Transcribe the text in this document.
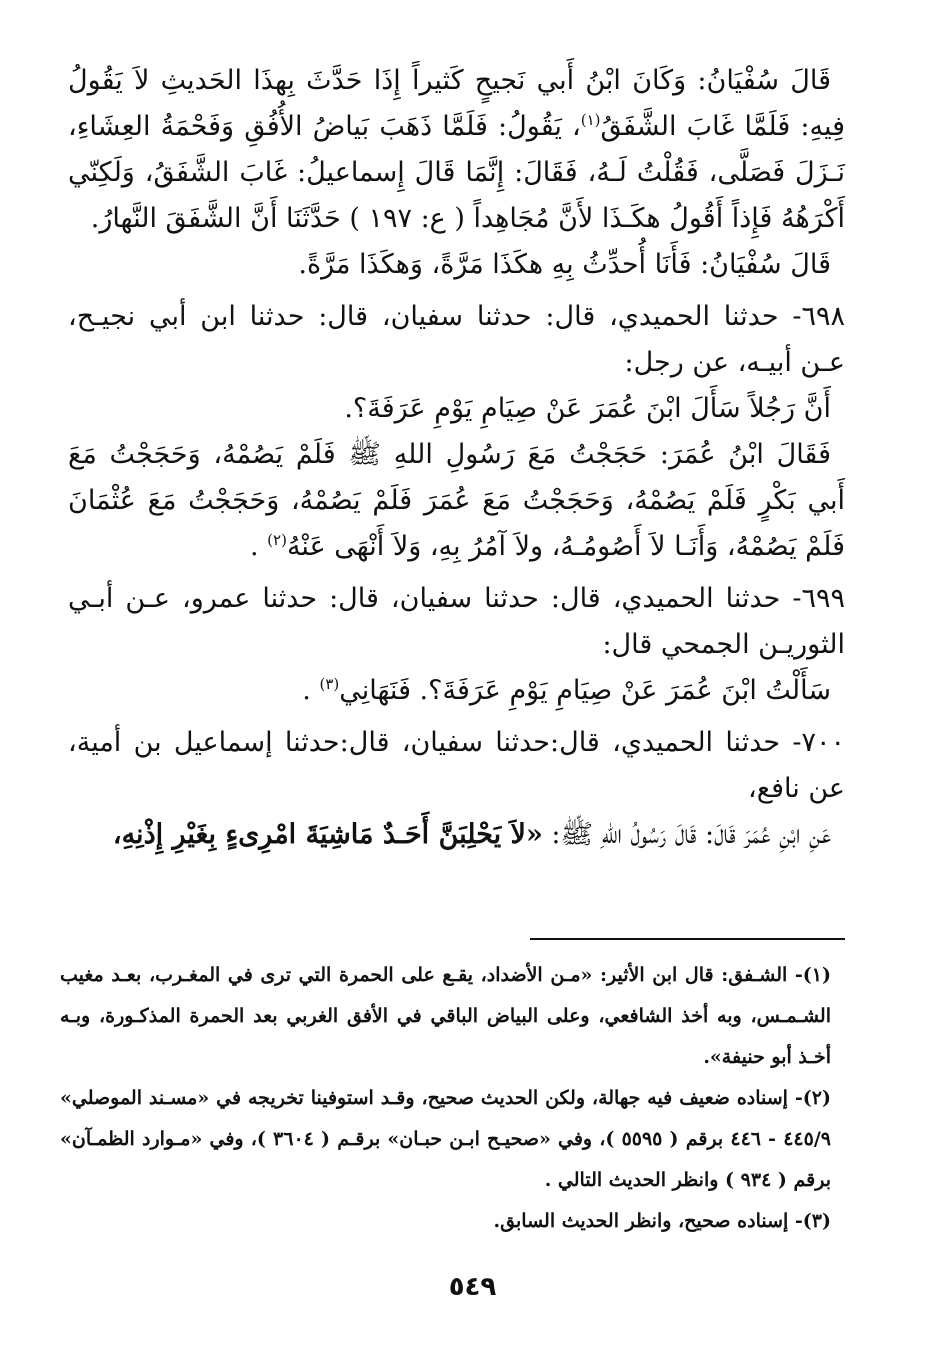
قَالَ سُفْيَانُ: وَكَانَ ابْنُ أَبي نَجيحٍ كَثيراً إِذَا حَدَّثَ بِهذَا الحَديثِ لاَ يَقُولُ فِيهِ: فَلَمَّا غَابَ الشَّفَقُ$^{(١)}$، يَقُولُ: فَلَمَّا ذَهَبَ بَياضُ الأُفُقِ وَفَحْمَةُ العِشَاءِ، نَـزَلَ فَصَلَّى، فَقُلْتُ لَـهُ، فَقَالَ: إِنَّمَا قَالَ إِسماعيلُ: غَابَ الشَّفَقُ، وَلَكِنّي أَكْرَهُهُ فَإِذاً أَقُولُ هكَـذَا لأَنَّ مُجَاهِداً ( ع: ١٩٧ ) حَدَّثَنَا أَنَّ الشَّفَقَ النَّهارُ.

قَالَ سُفْيَانُ: فَأَنَا أُحدِّثُ بِهِ هكَذَا مَرَّةً، وَهكَذَا مَرَّةً.

٦٩٨- حدثنا الحميدي، قال: حدثنا سفيان، قال: حدثنا ابن أبي نجيـح، عـن أبيـه، عن رجل:

أَنَّ رَجُلاً سَأَلَ ابْنَ عُمَرَ عَنْ صِيَامِ يَوْمِ عَرَفَةَ؟.

فَقَالَ ابْنُ عُمَرَ: حَجَجْتُ مَعَ رَسُولِ اللهِ ﷺ فَلَمْ يَصُمْهُ، وَحَجَجْتُ مَعَ أَبي بَكْرٍ فَلَمْ يَصُمْهُ، وَحَجَجْتُ مَعَ عُمَرَ فَلَمْ يَصُمْهُ، وَحَجَجْتُ مَعَ عُثْمَانَ فَلَمْ يَصُمْهُ، وَأَنَـا لاَ أَصُومُـهُ، ولاَ آمُرُ بِهِ، وَلاَ أَنْهَى عَنْهُ$^{(٢)}$ .

٦٩٩- حدثنا الحميدي، قال: حدثنا سفيان، قال: حدثنا عمرو، عـن أبـي الثوريـن الجمحي قال:

سَأَلْتُ ابْنَ عُمَرَ عَنْ صِيَامِ يَوْمِ عَرَفَةَ؟. فَنَهَانِي$^{(٣)}$ .

٧٠٠- حدثنا الحميدي، قال:حدثنا سفيان، قال:حدثنا إسماعيل بن أمية، عن نافع،

عَنِ ابْنِ عُمَرَ قَالَ: قَالَ رَسُولُ اللهِ ﷺ: «لاَ يَحْلِبَنَّ أَحَـدٌ مَاشِيَةَ امْرِىءٍ بِغَيْرِ إِذْنِهِ،

(١)- الشـفق: قال ابن الأثير: «مـن الأضداد، يقـع على الحمرة التي ترى في المغـرب، بعـد مغيب الشـمـس، وبه أخذ الشافعي، وعلى البياض الباقي في الأفق الغربي بعد الحمرة المذكـورة، وبـه أخـذ أبو حنيفة».

(٢)- إسناده ضعيف فيه جهالة، ولكن الحديث صحيح، وقـد استوفينا تخريجه في «مسـند الموصلي» ٤٤٥/٩ - ٤٤٦ برقم ( ٥٥٩٥ )، وفي «صحيـح ابـن حبـان» برقـم ( ٣٦٠٤ )، وفي «مـوارد الظمـآن» برقم ( ٩٣٤ ) وانظر الحديث التالي .

(٣)- إسناده صحيح، وانظر الحديث السابق.

٥٤٩
